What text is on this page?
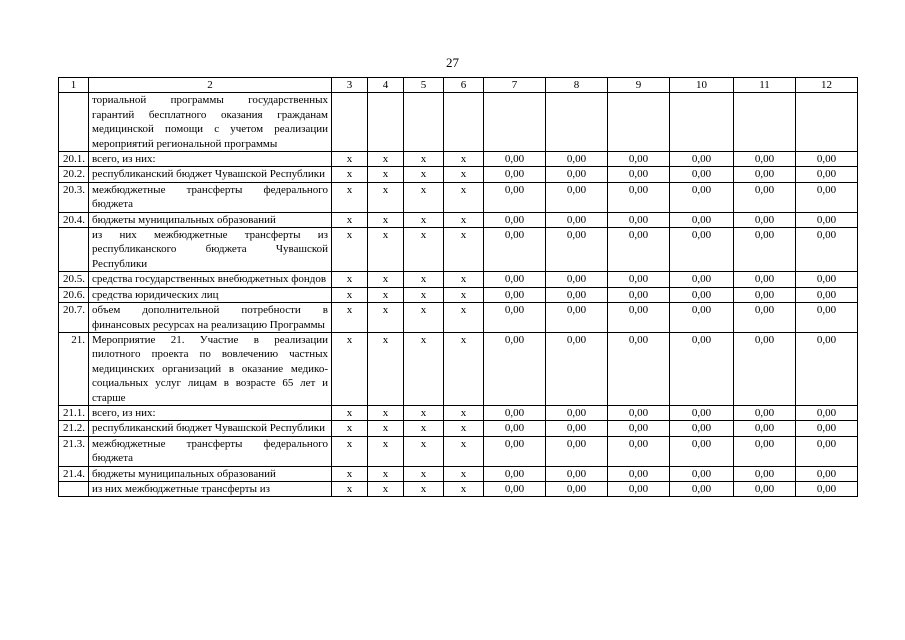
27
1	2	3	4	5	6	7	8	9	10	11	12
	ториальной программы государственных гарантий бесплатного оказания гражданам медицинской помощи с учетом реализации мероприятий региональной программы										
20.1.	всего, из них:	x	x	x	x	0,00	0,00	0,00	0,00	0,00	0,00
20.2.	республиканский бюджет Чувашской Республики	x	x	x	x	0,00	0,00	0,00	0,00	0,00	0,00
20.3.	межбюджетные трансферты федерального бюджета	x	x	x	x	0,00	0,00	0,00	0,00	0,00	0,00
20.4.	бюджеты муниципальных образований	x	x	x	x	0,00	0,00	0,00	0,00	0,00	0,00
	из них межбюджетные трансферты из республиканского бюджета Чувашской Республики	x	x	x	x	0,00	0,00	0,00	0,00	0,00	0,00
20.5.	средства государственных внебюджетных фондов	x	x	x	x	0,00	0,00	0,00	0,00	0,00	0,00
20.6.	средства юридических лиц	x	x	x	x	0,00	0,00	0,00	0,00	0,00	0,00
20.7.	объем дополнительной потребности в финансовых ресурсах на реализацию Программы	x	x	x	x	0,00	0,00	0,00	0,00	0,00	0,00
21.	Мероприятие 21. Участие в реализации пилотного проекта по вовлечению частных медицинских организаций в оказание медико-социальных услуг лицам в возрасте 65 лет и старше	x	x	x	x	0,00	0,00	0,00	0,00	0,00	0,00
21.1.	всего, из них:	x	x	x	x	0,00	0,00	0,00	0,00	0,00	0,00
21.2.	республиканский бюджет Чувашской Республики	x	x	x	x	0,00	0,00	0,00	0,00	0,00	0,00
21.3.	межбюджетные трансферты федерального бюджета	x	x	x	x	0,00	0,00	0,00	0,00	0,00	0,00
21.4.	бюджеты муниципальных образований	x	x	x	x	0,00	0,00	0,00	0,00	0,00	0,00
	из них межбюджетные трансферты из	x	x	x	x	0,00	0,00	0,00	0,00	0,00	0,00
